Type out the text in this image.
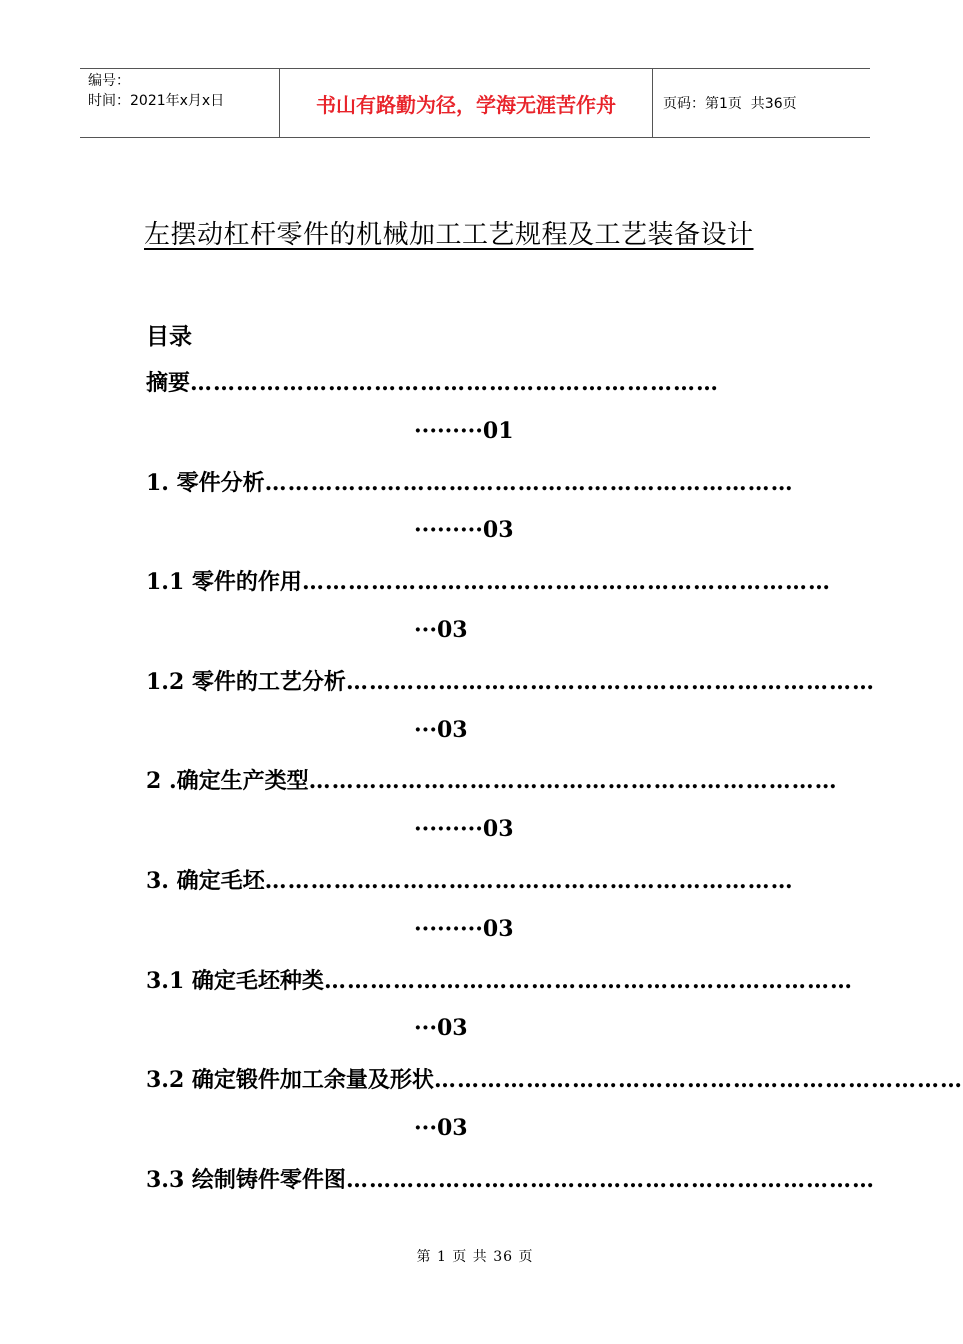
编号：
时间：2021年x月x日	书山有路勤为径，学海无涯苦作舟	页码：第1页  共36页
左摆动杠杆零件的机械加工工艺规程及工艺装备设计
目录
摘要 ……………………………………………………………
·········01
1. 零件分析 ……………………………………………………………
·········03
1.1 零件的作用 ……………………………………………………………
···03
1.2 零件的工艺分析 ……………………………………………………………
···03
2 .确定生产类型 ……………………………………………………………
·········03
3. 确定毛坯 ……………………………………………………………
·········03
3.1 确定毛坯种类 ……………………………………………………………
···03
3.2 确定锻件加工余量及形状 ……………………………………………………………
···03
3.3 绘制铸件零件图 ……………………………………………………………
第 1 页 共 36 页
